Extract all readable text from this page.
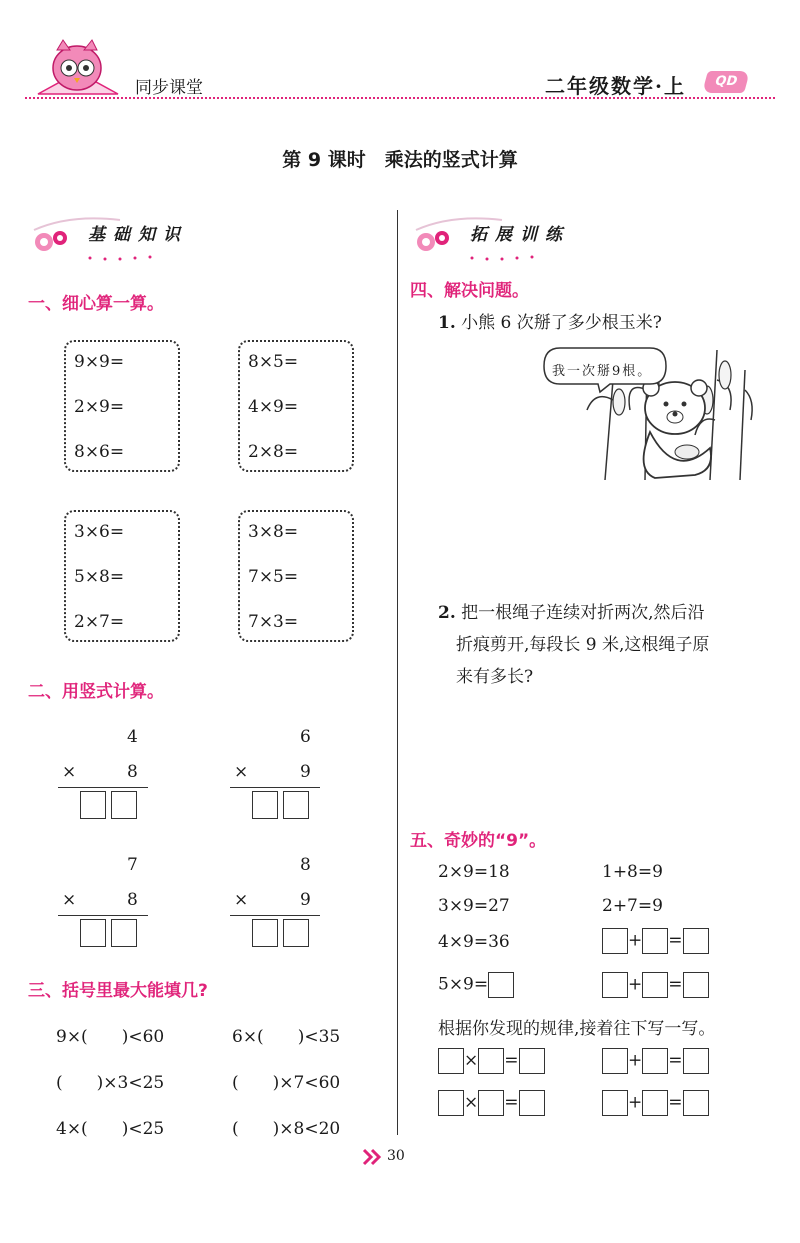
同步课堂	二年级数学·上	QD
第 9 课时　乘法的竖式计算
基础知识
一、细心算一算。
9×9=
2×9=
8×6=
8×5=
4×9=
2×8=
3×6=
5×8=
2×7=
3×8=
7×5=
7×3=
二、用竖式计算。
4
×	8

6
×	9

7
×	8

8
×	9

三、括号里最大能填几?
9×(　　)<60	6×(　　)<35
(　　)×3<25	(　　)×7<60
4×(　　)<25	(　　)×8<20
拓展训练
四、解决问题。
1. 小熊 6 次掰了多少根玉米?
我一次掰9根。
2. 把一根绳子连续对折两次,然后沿
折痕剪开,每段长 9 米,这根绳子原
来有多长?
五、奇妙的“9”。
2×9=18	1+8=9
3×9=27	2+7=9
4×9=36	+ =
5×9=	+ =
根据你发现的规律,接着往下写一写。
× =	+ =
× =	+ =
30
